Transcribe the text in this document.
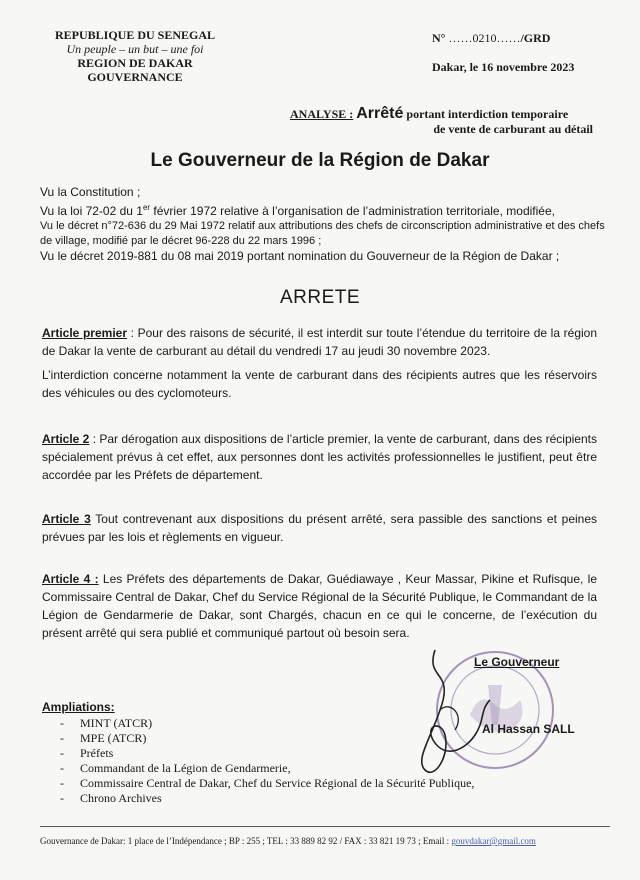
REPUBLIQUE DU SENEGAL
Un peuple – un but – une foi
REGION DE DAKAR
GOUVERNANCE
N° ……0210……/GRD
Dakar, le 16 novembre 2023
ANALYSE : Arrêté portant interdiction temporaire
de vente de carburant au détail
Le Gouverneur de la Région de Dakar

Vu la Constitution ;

Vu la loi 72-02 du 1er février 1972 relative à l’organisation de l’administration territoriale, modifiée,

Vu le décret n°72-636 du 29 Mai 1972 relatif aux attributions des chefs de circonscription administrative et des chefs de village, modifié par le décret 96-228 du 22 mars 1996 ;

Vu le décret 2019-881 du 08 mai 2019 portant nomination du Gouverneur de la Région de Dakar ;

ARRETE

Article premier : Pour des raisons de sécurité, il est interdit sur toute l’étendue du territoire de la région de Dakar la vente de carburant au détail du vendredi 17 au jeudi 30 novembre 2023.

L’interdiction concerne notamment la vente de carburant dans des récipients autres que les réservoirs des véhicules ou des cyclomoteurs.

Article 2 : Par dérogation aux dispositions de l’article premier, la vente de carburant, dans des récipients spécialement prévus à cet effet, aux personnes dont les activités professionnelles le justifient, peut être accordée par les Préfets de département.

Article 3 Tout contrevenant aux dispositions du présent arrêté, sera passible des sanctions et peines prévues par les lois et règlements en vigueur.

Article 4 : Les Préfets des départements de Dakar, Guédiawaye , Keur Massar, Pikine et Rufisque, le Commissaire Central de Dakar, Chef du Service Régional de la Sécurité Publique, le Commandant de la Légion de Gendarmerie de Dakar, sont Chargés, chacun en ce qui le concerne, de l’exécution du présent arrêté qui sera publié et communiqué partout où besoin sera.

Le Gouverneur
Al Hassan SALL
Ampliations:
- MINT (ATCR)
- MPE (ATCR)
- Préfets
- Commandant de la Légion de Gendarmerie,
- Commissaire Central de Dakar, Chef du Service Régional de la Sécurité Publique,
- Chrono Archives
Gouvernance de Dakar: 1 place de l’Indépendance ; BP : 255 ; TEL : 33 889 82 92 / FAX : 33 821 19 73 ; Email : gouvdakar@gmail.com
